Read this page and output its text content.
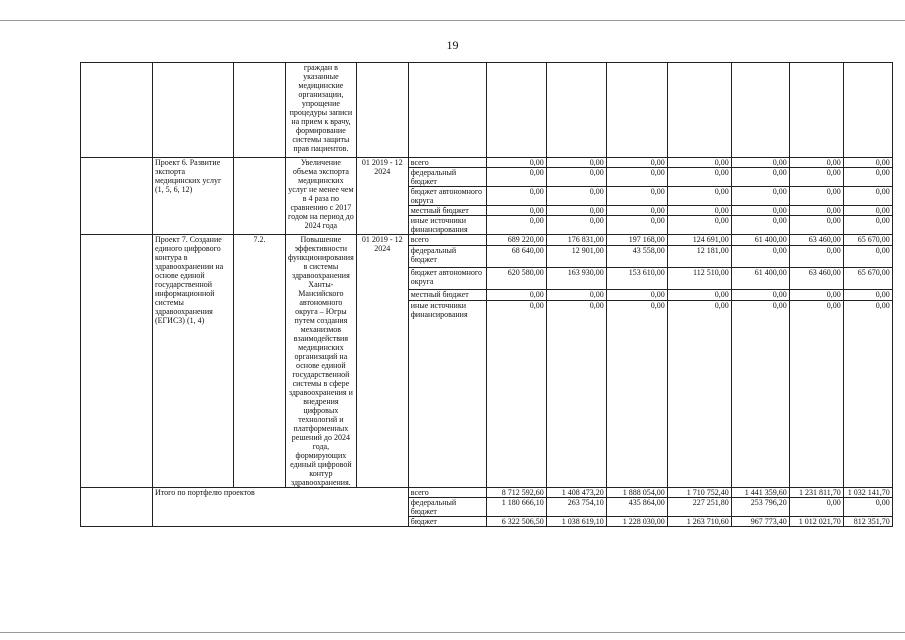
19
			граждан в указанные медицинские организации, упрощение процедуры записи на прием к врачу, формирование системы защиты прав пациентов.									
	Проект 6. Развитие экспорта медицинских услуг (1, 5, 6, 12)		Увеличение объема экспорта медицинских услуг не менее чем в 4 раза по сравнению с 2017 годом на период до 2024 года	01 2019 - 12 2024	всего	0,00	0,00	0,00	0,00	0,00	0,00	0,00
					федеральный бюджет	0,00	0,00	0,00	0,00	0,00	0,00	0,00
					бюджет автономного округа	0,00	0,00	0,00	0,00	0,00	0,00	0,00
					местный бюджет	0,00	0,00	0,00	0,00	0,00	0,00	0,00
					иные источники финансирования	0,00	0,00	0,00	0,00	0,00	0,00	0,00
	Проект 7. Создание единого цифрового контура в здравоохранении на основе единой государственной информационной системы здравоохранения (ЕГИСЗ) (1, 4)	7.2.	Повышение эффективности функционирования в системы здравоохранения Ханты-Мансийского автономного округа – Югры путем создания механизмов взаимодействия медицинских организаций на основе единой государственной системы в сфере здравоохранения и внедрения цифровых технологий и платформенных решений до 2024 года, формирующих единый цифровой контур здравоохранения.	01 2019 - 12 2024	всего	689 220,00	176 831,00	197 168,00	124 691,00	61 400,00	63 460,00	65 670,00
					федеральный бюджет	68 640,00	12 901,00	43 558,00	12 181,00	0,00	0,00	0,00
					бюджет автономного округа	620 580,00	163 930,00	153 610,00	112 510,00	61 400,00	63 460,00	65 670,00
					местный бюджет	0,00	0,00	0,00	0,00	0,00	0,00	0,00
					иные источники финансирования	0,00	0,00	0,00	0,00	0,00	0,00	0,00
	Итого по портфелю проектов				всего	8 712 592,60	1 408 473,20	1 888 054,00	1 710 752,40	1 441 359,60	1 231 811,70	1 032 141,70
					федеральный бюджет	1 180 666,10	263 754,10	435 864,00	227 251,80	253 796,20	0,00	0,00
					бюджет	6 322 506,50	1 038 619,10	1 228 030,00	1 263 710,60	967 773,40	1 012 021,70	812 351,70
